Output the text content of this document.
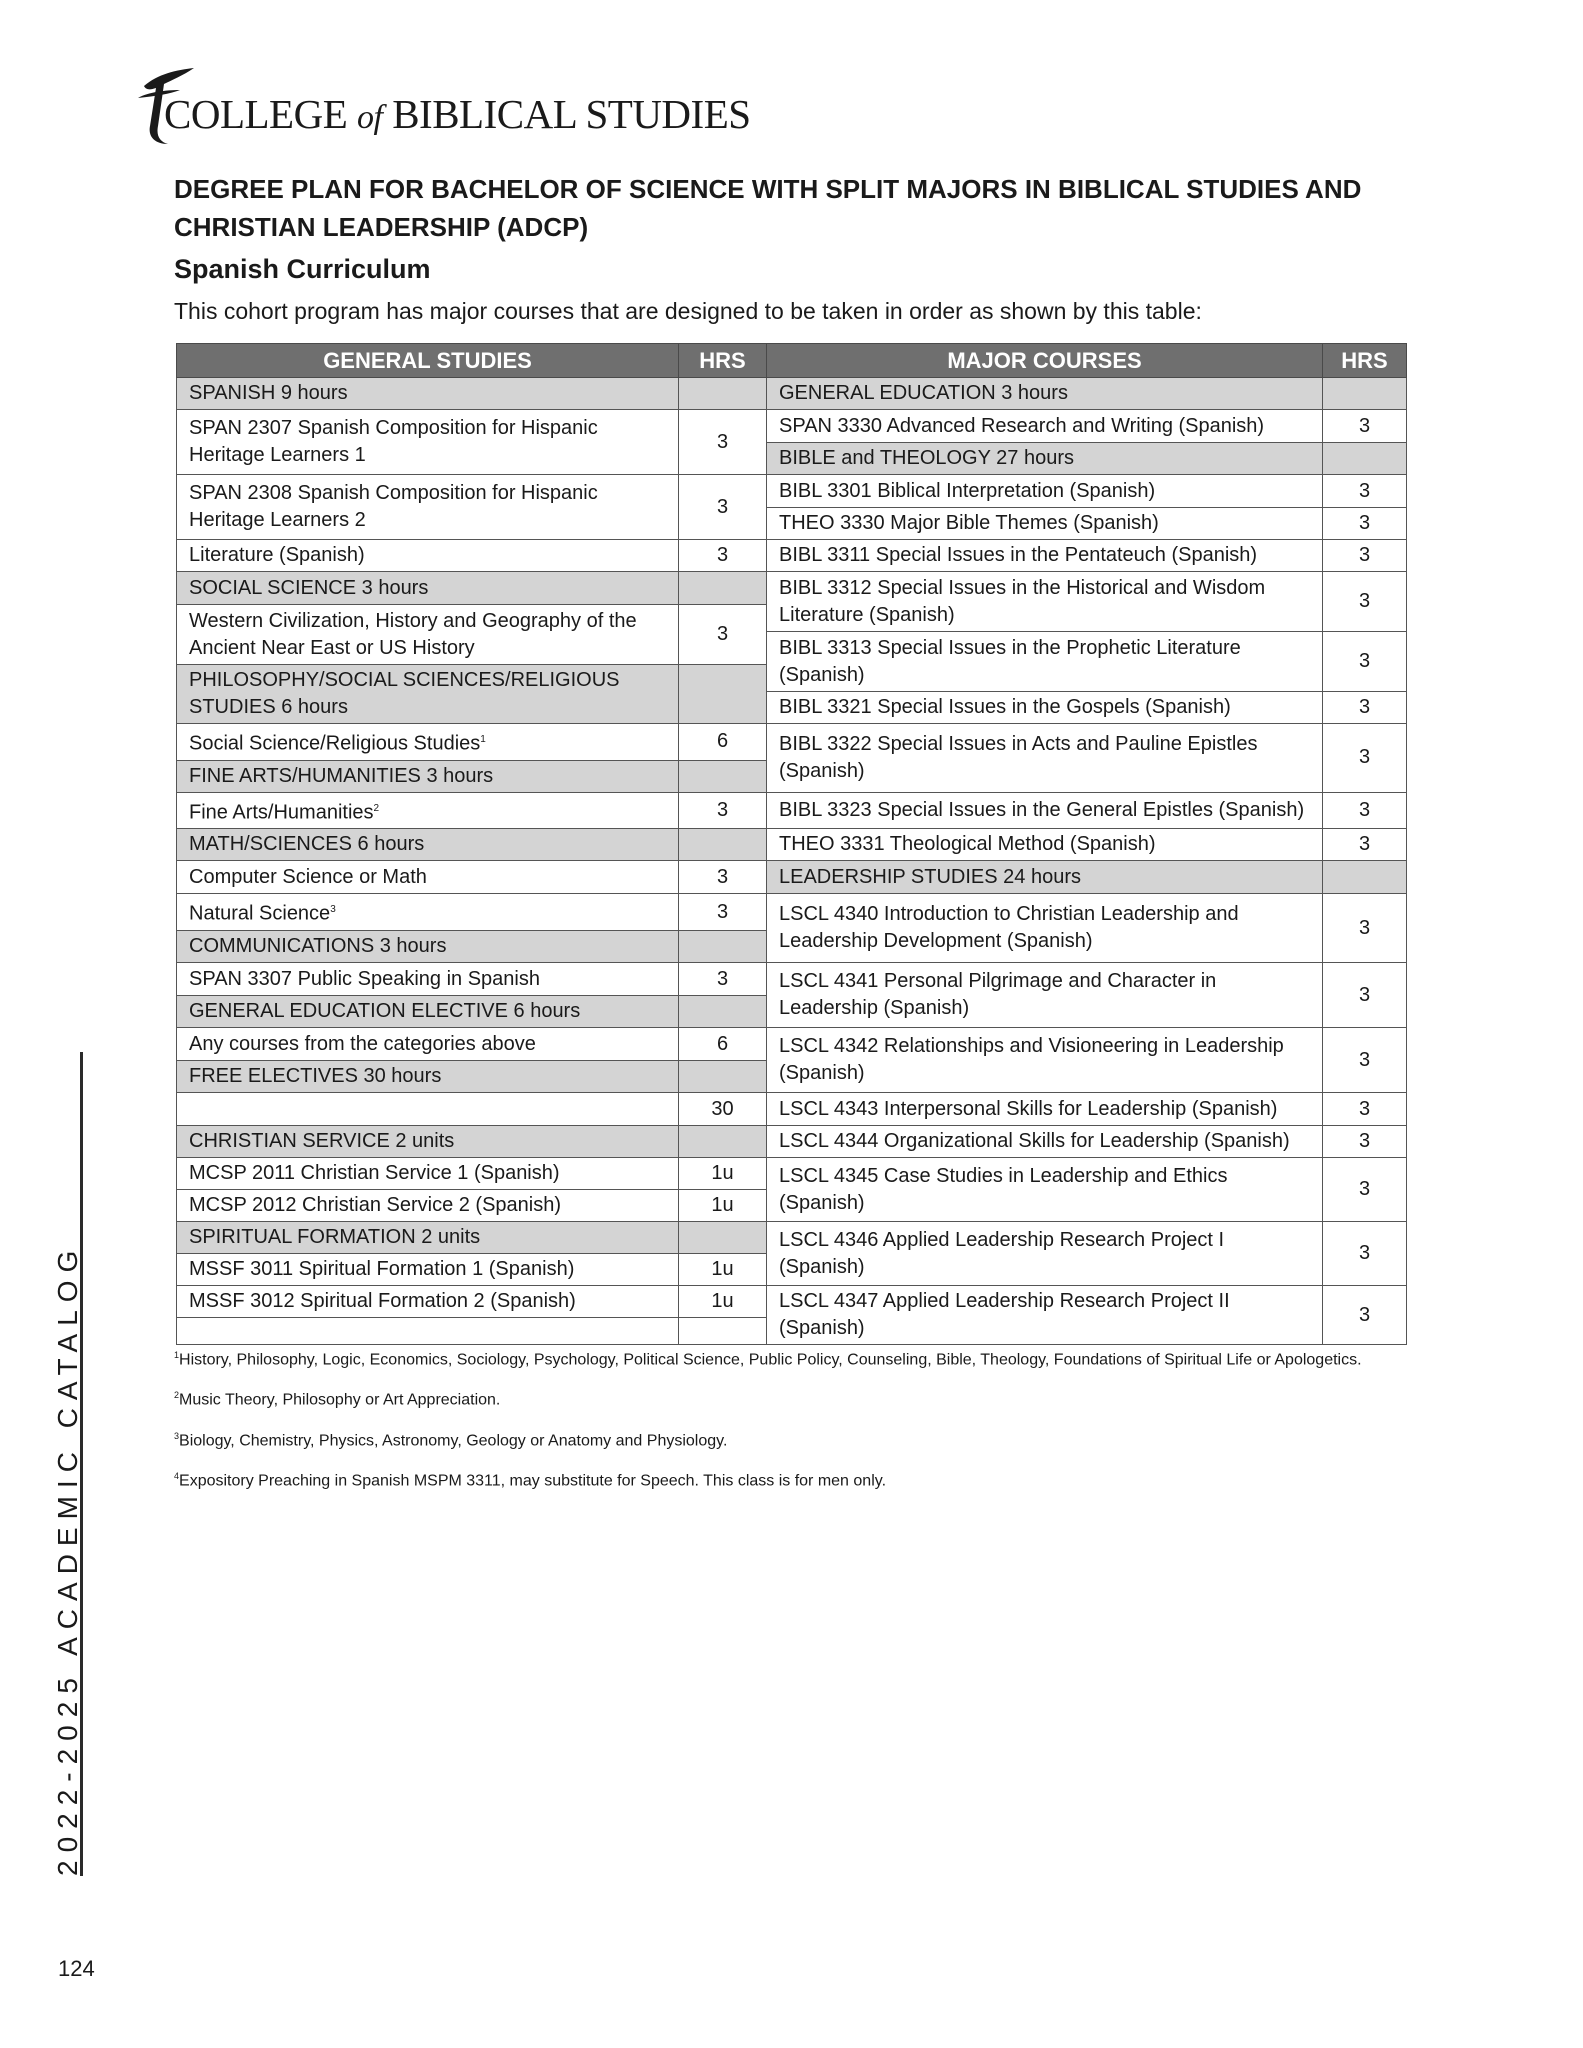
COLLEGE of BIBLICAL STUDIES
DEGREE PLAN FOR BACHELOR OF SCIENCE WITH SPLIT MAJORS IN BIBLICAL STUDIES AND CHRISTIAN LEADERSHIP (ADCP)
Spanish Curriculum
This cohort program has major courses that are designed to be taken in order as shown by this table:
GENERAL STUDIES	HRS	MAJOR COURSES	HRS
SPANISH 9 hours		GENERAL EDUCATION 3 hours	
SPAN 2307 Spanish Composition for Hispanic Heritage Learners 1	3	SPAN 3330 Advanced Research and Writing (Spanish)	3
		BIBLE and THEOLOGY 27 hours	
SPAN 2308 Spanish Composition for Hispanic Heritage Learners 2	3	BIBL 3301 Biblical Interpretation (Spanish)	3
		THEO 3330 Major Bible Themes (Spanish)	3
Literature (Spanish)	3	BIBL 3311 Special Issues in the Pentateuch (Spanish)	3
SOCIAL SCIENCE 3 hours		BIBL 3312 Special Issues in the Historical and Wisdom Literature (Spanish)	3
Western Civilization, History and Geography of the Ancient Near East or US History	3		
		BIBL 3313 Special Issues in the Prophetic Literature (Spanish)	3
PHILOSOPHY/SOCIAL SCIENCES/RELIGIOUS STUDIES 6 hours			
		BIBL 3321 Special Issues in the Gospels (Spanish)	3
Social Science/Religious Studies$^1$	6	BIBL 3322 Special Issues in Acts and Pauline Epistles (Spanish)	3
FINE ARTS/HUMANITIES 3 hours			
Fine Arts/Humanities$^2$	3	BIBL 3323 Special Issues in the General Epistles (Spanish)	3
MATH/SCIENCES 6 hours		THEO 3331 Theological Method (Spanish)	3
Computer Science or Math	3	LEADERSHIP STUDIES 24 hours	
Natural Science$^3$	3	LSCL 4340 Introduction to Christian Leadership and Leadership Development (Spanish)	3
COMMUNICATIONS 3 hours			
SPAN 3307 Public Speaking in Spanish	3	LSCL 4341 Personal Pilgrimage and Character in Leadership (Spanish)	3
GENERAL EDUCATION ELECTIVE 6 hours			
Any courses from the categories above	6	LSCL 4342 Relationships and Visioneering in Leadership (Spanish)	3
FREE ELECTIVES 30 hours			
	30	LSCL 4343 Interpersonal Skills for Leadership (Spanish)	3
CHRISTIAN SERVICE 2 units		LSCL 4344 Organizational Skills for Leadership (Spanish)	3
MCSP 2011 Christian Service 1 (Spanish)	1u	LSCL 4345 Case Studies in Leadership and Ethics (Spanish)	3
MCSP 2012 Christian Service 2 (Spanish)	1u		
SPIRITUAL FORMATION 2 units		LSCL 4346 Applied Leadership Research Project I (Spanish)	3
MSSF 3011 Spiritual Formation 1 (Spanish)	1u		
MSSF 3012 Spiritual Formation 2 (Spanish)	1u	LSCL 4347 Applied Leadership Research Project II (Spanish)	3

$^1$History, Philosophy, Logic, Economics, Sociology, Psychology, Political Science, Public Policy, Counseling, Bible, Theology, Foundations of Spiritual Life or Apologetics.
$^2$Music Theory, Philosophy or Art Appreciation.
$^3$Biology, Chemistry, Physics, Astronomy, Geology or Anatomy and Physiology.
$^4$Expository Preaching in Spanish MSPM 3311, may substitute for Speech. This class is for men only.
2022-2025 ACADEMIC CATALOG
124
